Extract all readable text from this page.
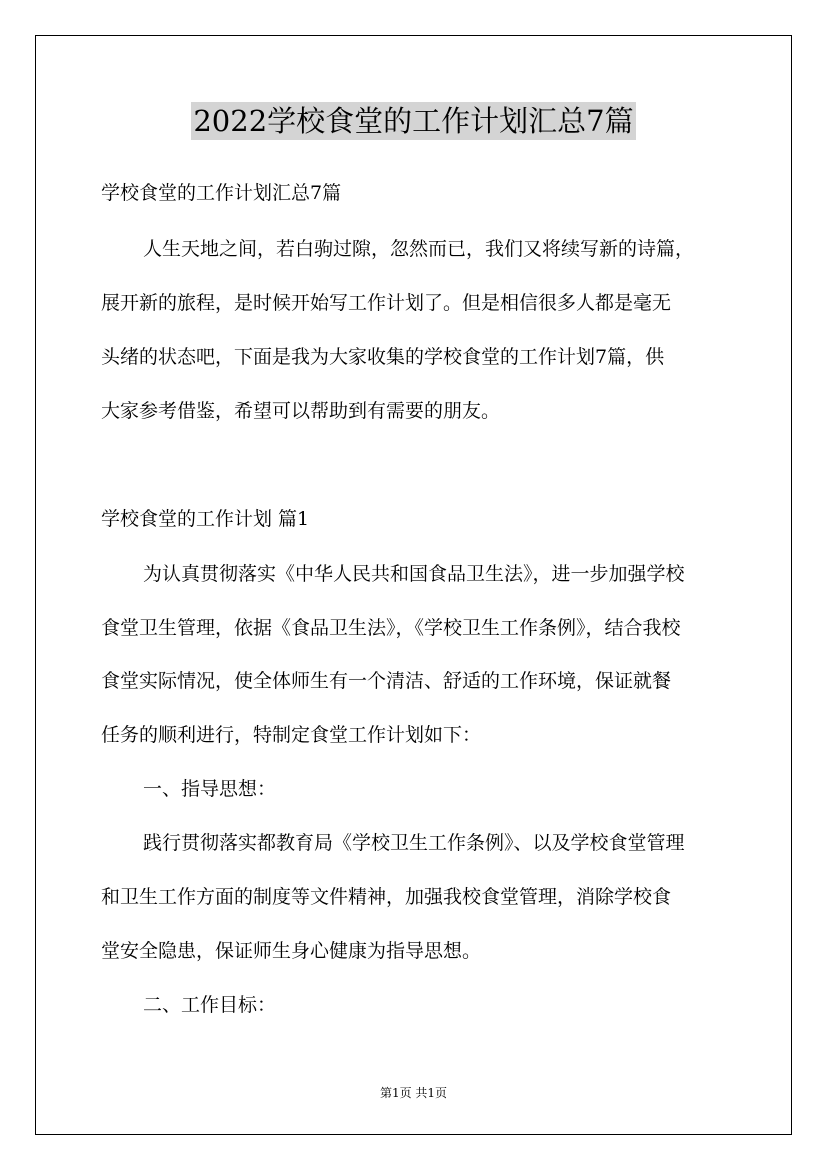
2022学校食堂的工作计划汇总7篇
学校食堂的工作计划汇总7篇
人生天地之间，若白驹过隙，忽然而已，我们又将续写新的诗篇，
展开新的旅程，是时候开始写工作计划了。但是相信很多人都是毫无
头绪的状态吧，下面是我为大家收集的学校食堂的工作计划7篇，供
大家参考借鉴，希望可以帮助到有需要的朋友。
学校食堂的工作计划 篇1
为认真贯彻落实《中华人民共和国食品卫生法》，进一步加强学校
食堂卫生管理，依据《食品卫生法》，《学校卫生工作条例》，结合我校
食堂实际情况，使全体师生有一个清洁、舒适的工作环境，保证就餐
任务的顺利进行，特制定食堂工作计划如下：
一、指导思想：
践行贯彻落实都教育局《学校卫生工作条例》、以及学校食堂管理
和卫生工作方面的制度等文件精神，加强我校食堂管理，消除学校食
堂安全隐患，保证师生身心健康为指导思想。
二、工作目标：
第1页 共1页
